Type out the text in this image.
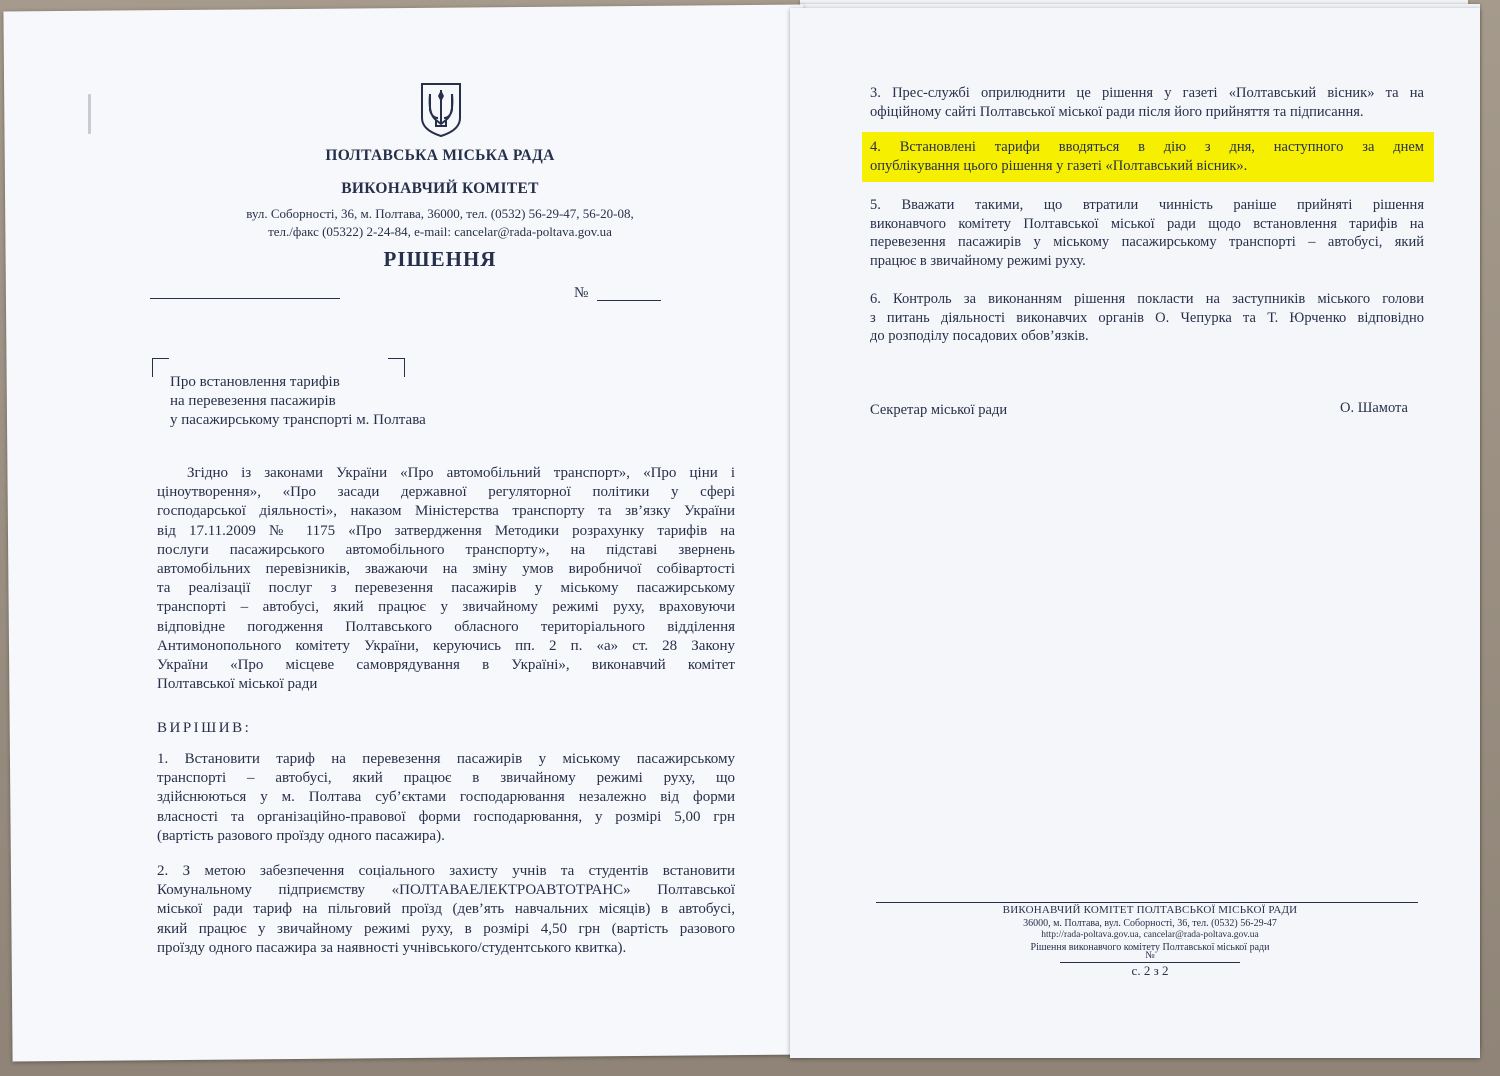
ПОЛТАВСЬКА МІСЬКА РАДА
ВИКОНАВЧИЙ КОМІТЕТ
вул. Соборності, 36, м. Полтава, 36000, тел. (0532) 56-29-47, 56-20-08,
тел./факс (05322) 2-24-84, e-mail: cancelar@rada-poltava.gov.ua
РІШЕННЯ
№
Про встановлення тарифів
на перевезення пасажирів
у пасажирському транспорті м. Полтава
Згідно із законами України «Про автомобільний транспорт», «Про ціни і
ціноутворення», «Про засади державної регуляторної політики у сфері
господарської діяльності», наказом Міністерства транспорту та зв’язку України
від 17.11.2009 № 1175 «Про затвердження Методики розрахунку тарифів на
послуги пасажирського автомобільного транспорту», на підставі звернень
автомобільних перевізників, зважаючи на зміну умов виробничої собівартості
та реалізації послуг з перевезення пасажирів у міському пасажирському
транспорті – автобусі, який працює у звичайному режимі руху, враховуючи
відповідне погодження Полтавського обласного територіального відділення
Антимонопольного комітету України, керуючись пп. 2 п. «а» ст. 28 Закону
України «Про місцеве самоврядування в Україні», виконавчий комітет
Полтавської міської ради
ВИРІШИВ:
1. Встановити тариф на перевезення пасажирів у міському пасажирському
транспорті – автобусі, який працює в звичайному режимі руху, що
здійснюються у м. Полтава суб’єктами господарювання незалежно від форми
власності та організаційно-правової форми господарювання, у розмірі 5,00 грн
(вартість разового проїзду одного пасажира).
2. З метою забезпечення соціального захисту учнів та студентів встановити
Комунальному підприємству «ПОЛТАВАЕЛЕКТРОАВТОТРАНС» Полтавської
міської ради тариф на пільговий проїзд (дев’ять навчальних місяців) в автобусі,
який працює у звичайному режимі руху, в розмірі 4,50 грн (вартість разового
проїзду одного пасажира за наявності учнівського/студентського квитка).
3. Прес-службі оприлюднити це рішення у газеті «Полтавський вісник» та на
офіційному сайті Полтавської міської ради після його прийняття та підписання.
4. Встановлені тарифи вводяться в дію з дня, наступного за днем
опублікування цього рішення у газеті «Полтавський вісник».
5. Вважати такими, що втратили чинність раніше прийняті рішення
виконавчого комітету Полтавської міської ради щодо встановлення тарифів на
перевезення пасажирів у міському пасажирському транспорті – автобусі, який
працює в звичайному режимі руху.
6. Контроль за виконанням рішення покласти на заступників міського голови
з питань діяльності виконавчих органів О. Чепурка та Т. Юрченко відповідно
до розподілу посадових обов’язків.
Секретар міської ради	О. Шамота
ВИКОНАВЧИЙ КОМІТЕТ ПОЛТАВСЬКОЇ МІСЬКОЇ РАДИ
36000, м. Полтава, вул. Соборності, 36, тел. (0532) 56-29-47
http://rada-poltava.gov.ua, cancelar@rada-poltava.gov.ua
Рішення виконавчого комітету Полтавської міської ради
№
с. 2 з 2
